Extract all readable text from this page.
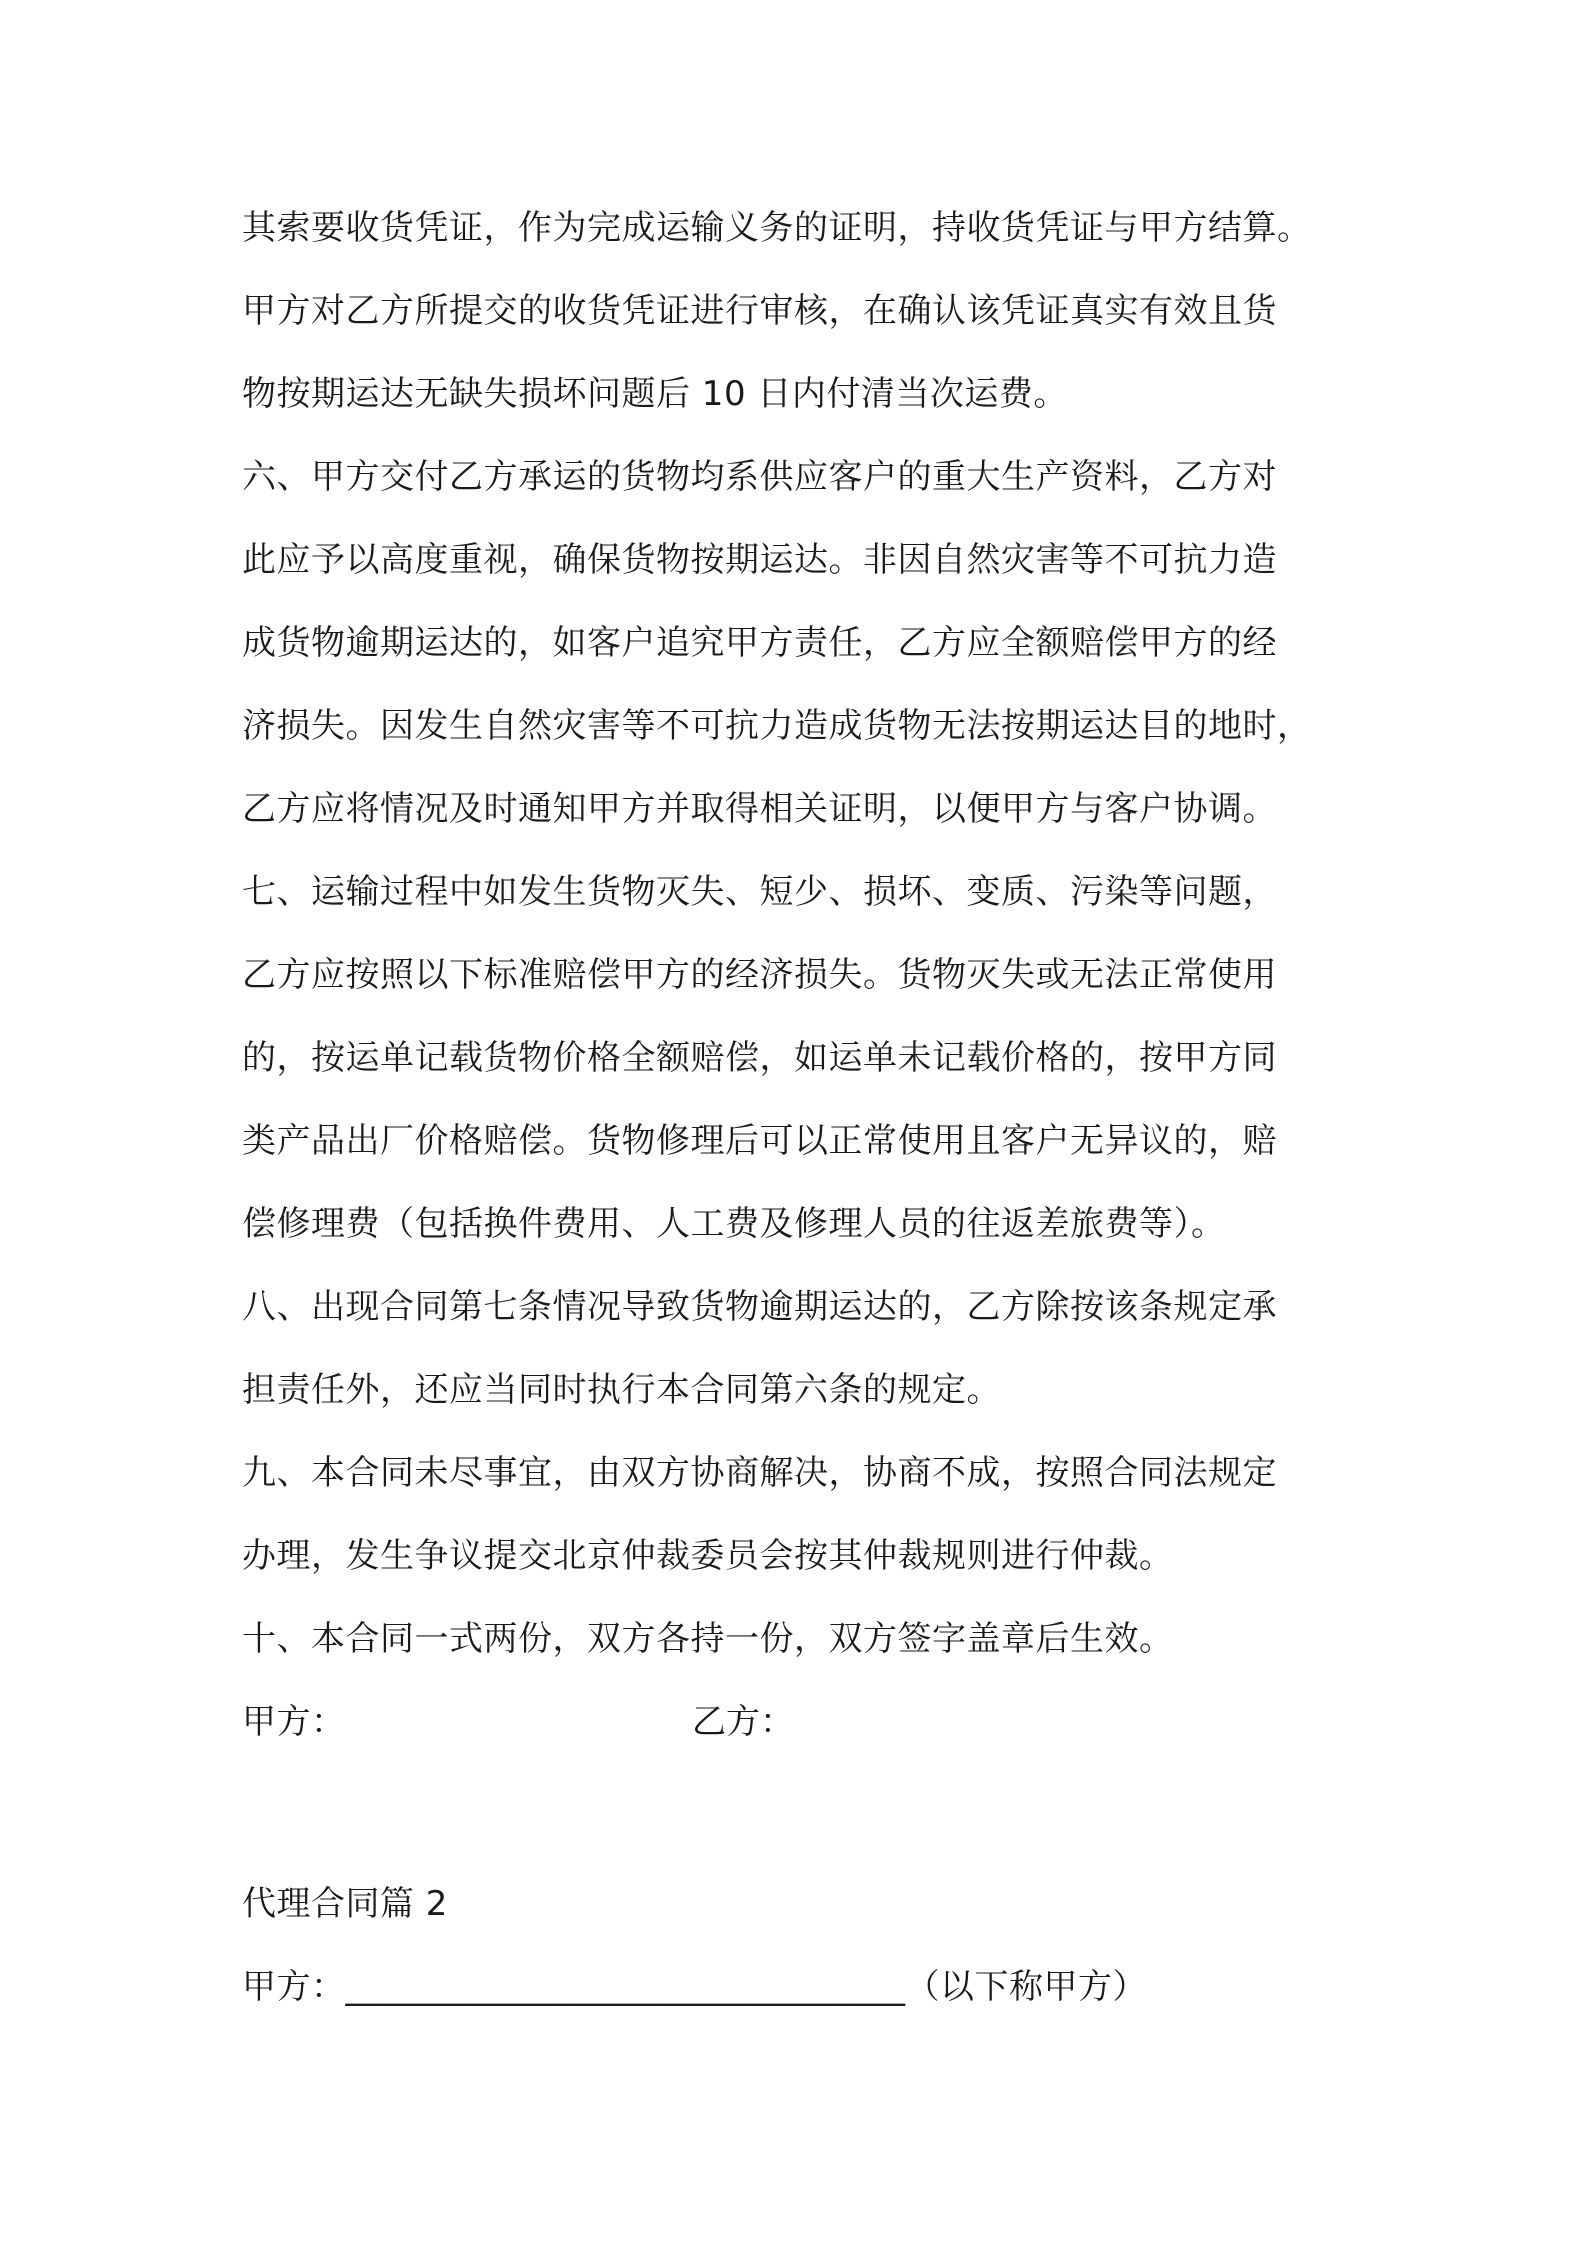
其索要收货凭证，作为完成运输义务的证明，持收货凭证与甲方结算。
甲方对乙方所提交的收货凭证进行审核，在确认该凭证真实有效且货
物按期运达无缺失损坏问题后 10 日内付清当次运费。
六、甲方交付乙方承运的货物均系供应客户的重大生产资料，乙方对
此应予以高度重视，确保货物按期运达。非因自然灾害等不可抗力造
成货物逾期运达的，如客户追究甲方责任，乙方应全额赔偿甲方的经
济损失。因发生自然灾害等不可抗力造成货物无法按期运达目的地时，
乙方应将情况及时通知甲方并取得相关证明，以便甲方与客户协调。
七、运输过程中如发生货物灭失、短少、损坏、变质、污染等问题，
乙方应按照以下标准赔偿甲方的经济损失。货物灭失或无法正常使用
的，按运单记载货物价格全额赔偿，如运单未记载价格的，按甲方同
类产品出厂价格赔偿。货物修理后可以正常使用且客户无异议的，赔
偿修理费（包括换件费用、人工费及修理人员的往返差旅费等）。
八、出现合同第七条情况导致货物逾期运达的，乙方除按该条规定承
担责任外，还应当同时执行本合同第六条的规定。
九、本合同未尽事宜，由双方协商解决，协商不成，按照合同法规定
办理，发生争议提交北京仲裁委员会按其仲裁规则进行仲裁。
十、本合同一式两份，双方各持一份，双方签字盖章后生效。
甲方：	乙方：
代理合同篇 2
甲方：________________________________（以下称甲方）
